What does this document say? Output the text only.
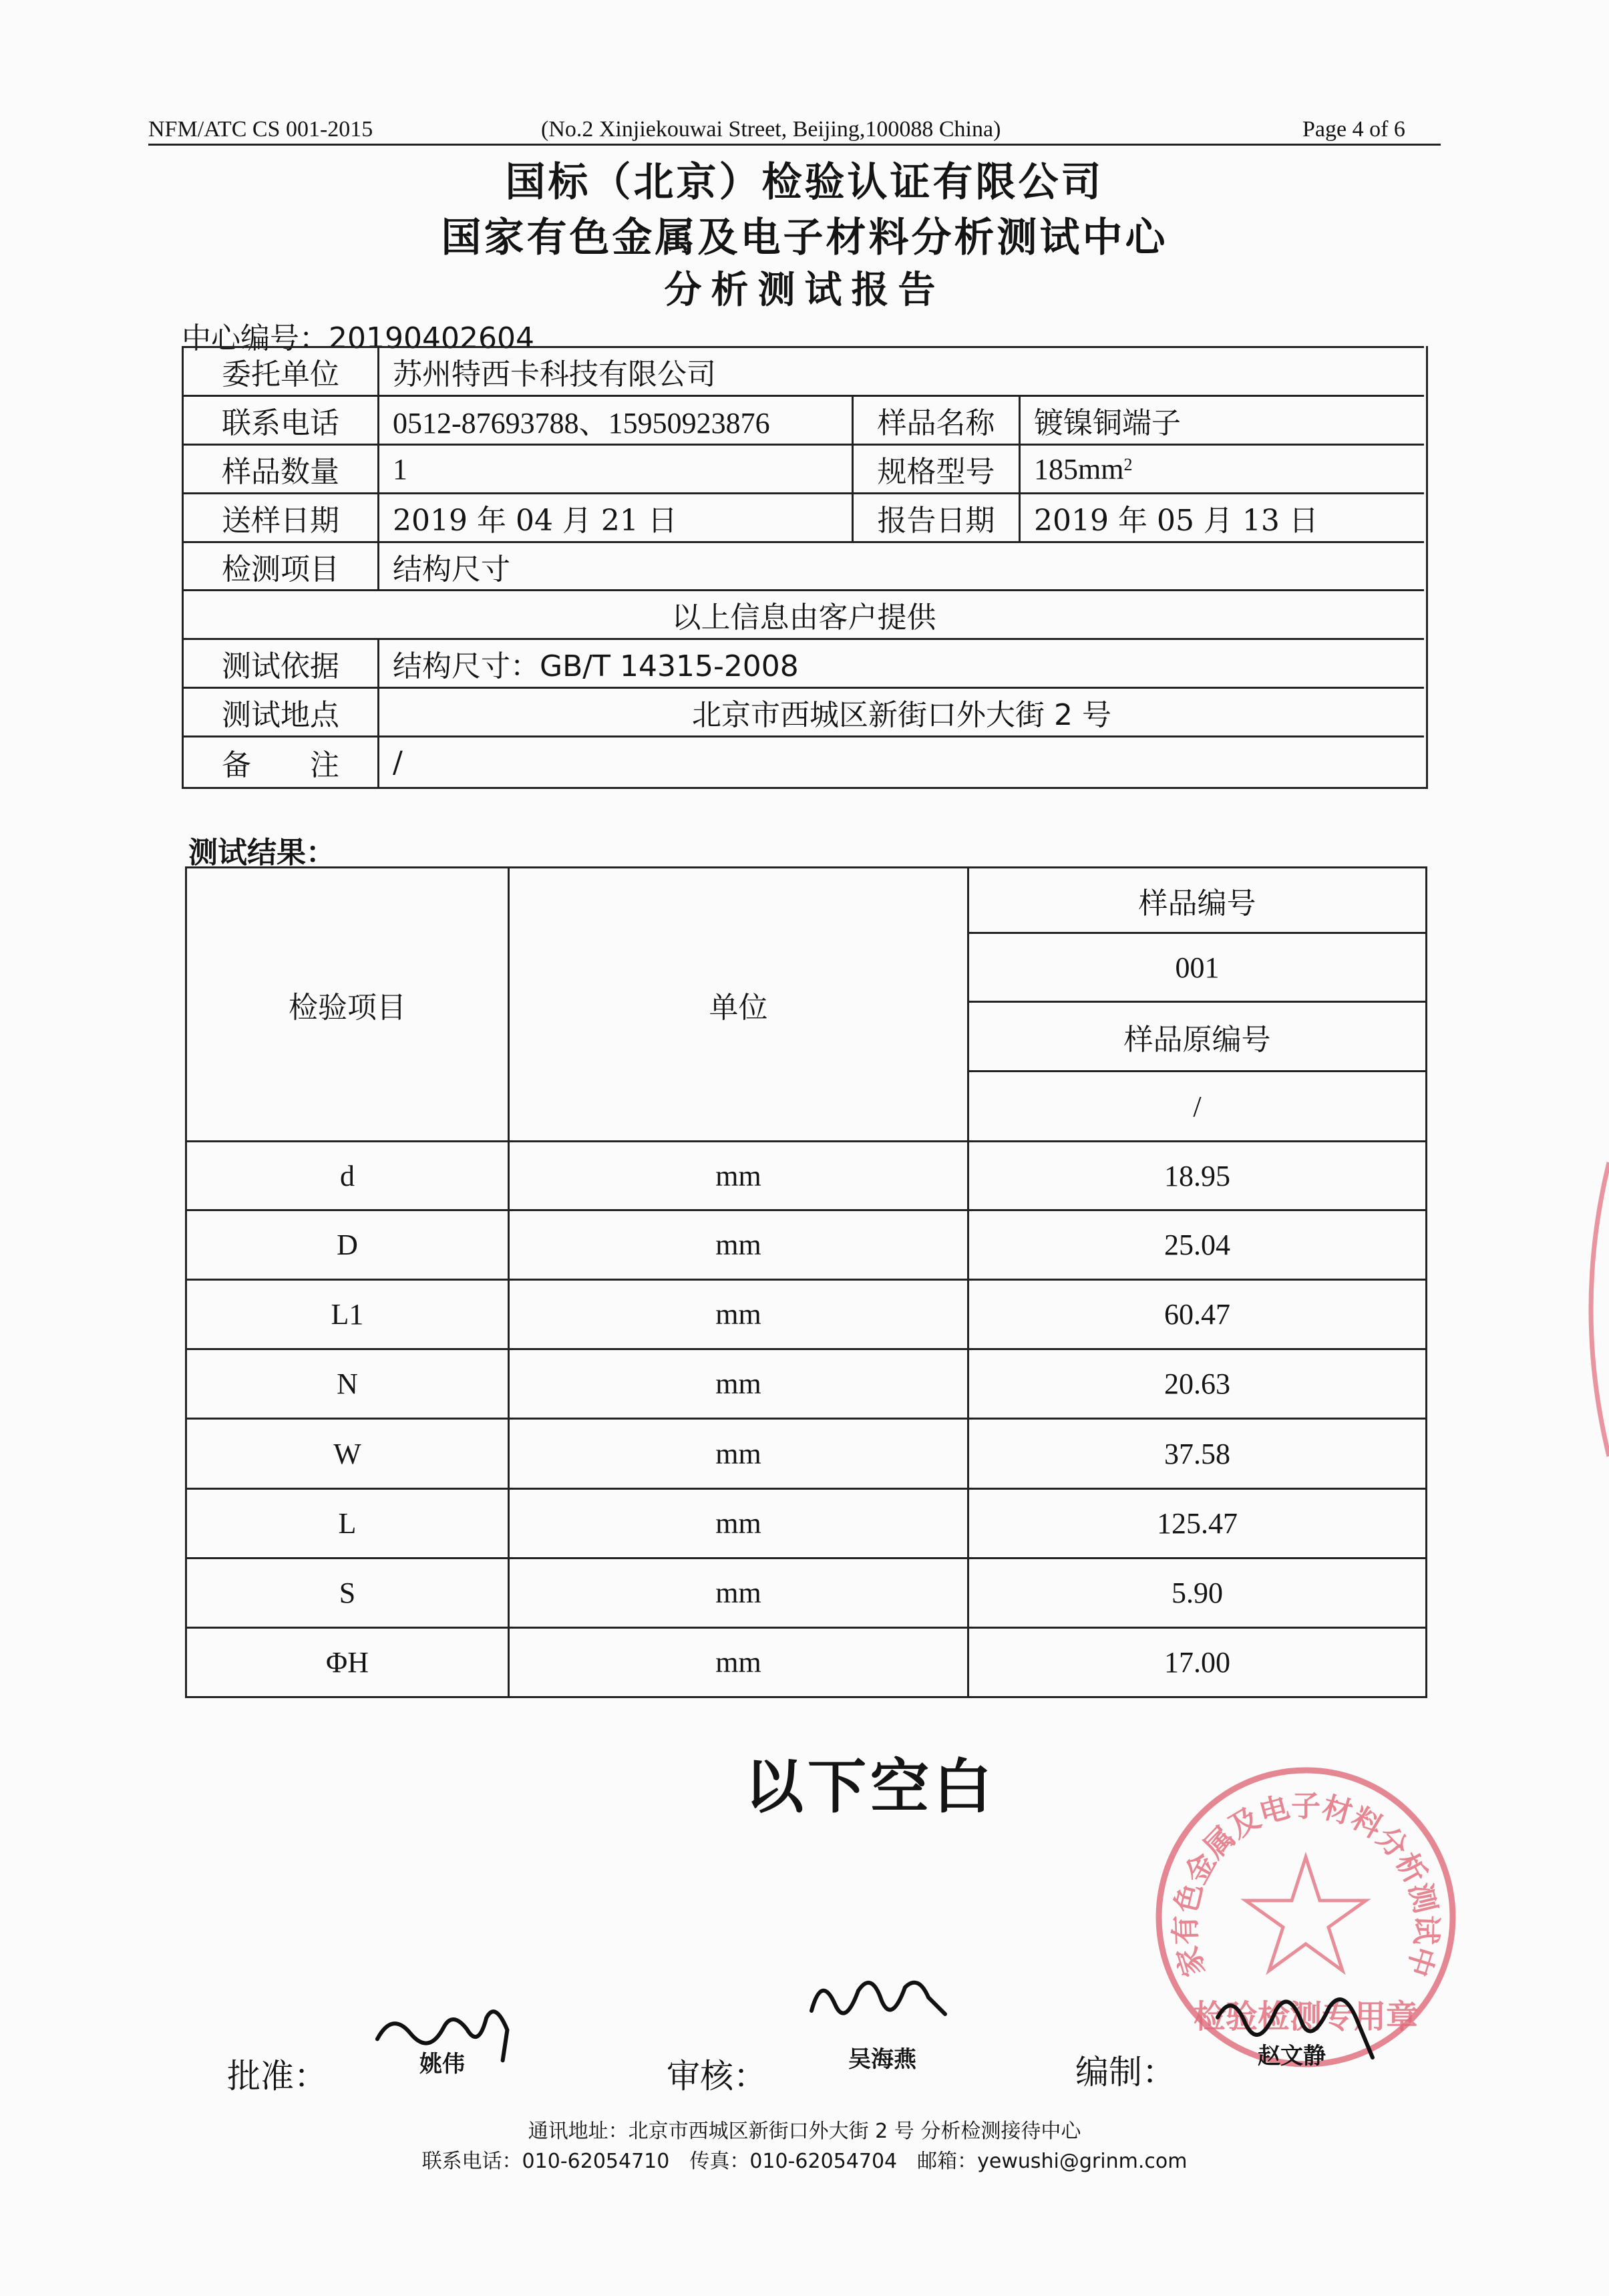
NFM/ATC CS 001-2015	(No.2 Xinjiekouwai Street, Beijing,100088 China)	Page 4 of 6
国标（北京）检验认证有限公司
国家有色金属及电子材料分析测试中心
分析测试报告
中心编号：20190402604
委托单位	苏州特西卡科技有限公司
联系电话	0512-87693788、15950923876	样品名称	镀镍铜端子
样品数量	1	规格型号	$185mm^2$
送样日期	2019 年 04 月 21 日	报告日期	2019 年 05 月 13 日
检测项目	结构尺寸
以上信息由客户提供
测试依据	结构尺寸：GB/T 14315-2008
测试地点	北京市西城区新街口外大街 2 号
备　　注	/
测试结果：
检验项目	单位
样品编号
001
样品原编号
/
d	mm	18.95
D	mm	25.04
L1	mm	60.47
N	mm	20.63
W	mm	37.58
L	mm	125.47
S	mm	5.90
ΦH	mm	17.00
以下空白
家有色金属及电子材料分析测试中
检验检测专用章
批准：	姚伟	审核：	吴海燕	编制：	赵文静
通讯地址：北京市西城区新街口外大街 2 号 分析检测接待中心
联系电话：010-62054710　传真：010-62054704　邮箱：yewushi@grinm.com
